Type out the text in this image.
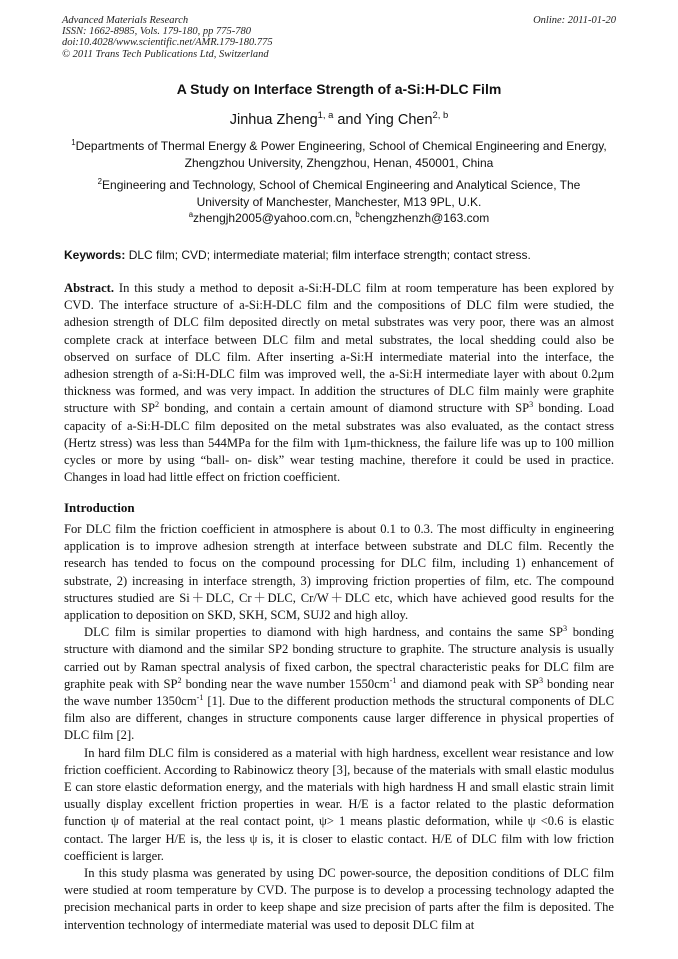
Advanced Materials Research
ISSN: 1662-8985, Vols. 179-180, pp 775-780
doi:10.4028/www.scientific.net/AMR.179-180.775
© 2011 Trans Tech Publications Ltd, Switzerland
Online: 2011-01-20
A Study on Interface Strength of a-Si:H-DLC Film
Jinhua Zheng$^{1, a}$ and Ying Chen$^{2, b}$
$^1$Departments of Thermal Energy & Power Engineering, School of Chemical Engineering and Energy, Zhengzhou University, Zhengzhou, Henan, 450001, China
$^2$Engineering and Technology, School of Chemical Engineering and Analytical Science, The University of Manchester, Manchester, M13 9PL, U.K.
$^a$zhengjh2005@yahoo.com.cn, $^b$chengzhenzh@163.com
Keywords: DLC film; CVD; intermediate material; film interface strength; contact stress.

Abstract. In this study a method to deposit a-Si:H-DLC film at room temperature has been explored by CVD. The interface structure of a-Si:H-DLC film and the compositions of DLC film were studied, the adhesion strength of DLC film deposited directly on metal substrates was very poor, there was an almost complete crack at interface between DLC film and metal substrates, the local shedding could also be observed on surface of DLC film. After inserting a-Si:H intermediate material into the interface, the adhesion strength of a-Si:H-DLC film was improved well, the a-Si:H intermediate layer with about 0.2μm thickness was formed, and was very impact. In addition the structures of DLC film mainly were graphite structure with $SP^2$ bonding, and contain a certain amount of diamond structure with $SP^3$ bonding. Load capacity of a-Si:H-DLC film deposited on the metal substrates was also evaluated, as the contact stress (Hertz stress) was less than 544MPa for the film with 1μm-thickness, the failure life was up to 100 million cycles or more by using “ball- on- disk” wear testing machine, therefore it could be used in practice. Changes in load had little effect on friction coefficient.

Introduction

For DLC film the friction coefficient in atmosphere is about 0.1 to 0.3. The most difficulty in engineering application is to improve adhesion strength at interface between substrate and DLC film. Recently the research has tended to focus on the compound processing for DLC film, including 1) enhancement of substrate, 2) increasing in interface strength, 3) improving friction properties of film, etc. The compound structures studied are Si＋DLC, Cr＋DLC, Cr/W＋DLC etc, which have achieved good results for the application to deposition on SKD, SKH, SCM, SUJ2 and high alloy.

DLC film is similar properties to diamond with high hardness, and contains the same $SP^3$ bonding structure with diamond and the similar SP2 bonding structure to graphite. The structure analysis is usually carried out by Raman spectral analysis of fixed carbon, the spectral characteristic peaks for DLC film are graphite peak with $SP^2$ bonding near the wave number $1550cm^{-1}$ and diamond peak with $SP^3$ bonding near the wave number $1350cm^{-1}$ [1]. Due to the different production methods the structural components of DLC film also are different, changes in structure components cause larger difference in physical properties of DLC film [2].

In hard film DLC film is considered as a material with high hardness, excellent wear resistance and low friction coefficient. According to Rabinowicz theory [3], because of the materials with small elastic modulus E can store elastic deformation energy, and the materials with high hardness H and small elastic strain limit usually display excellent friction properties in wear. H/E is a factor related to the plastic deformation function ψ of material at the real contact point, ψ> 1 means plastic deformation, while ψ <0.6 is elastic contact. The larger H/E is, the less ψ is, it is closer to elastic contact. H/E of DLC film with low friction coefficient is larger.

In this study plasma was generated by using DC power-source, the deposition conditions of DLC film were studied at room temperature by CVD. The purpose is to develop a processing technology adapted the precision mechanical parts in order to keep shape and size precision of parts after the film is deposited. The intervention technology of intermediate material was used to deposit DLC film at
